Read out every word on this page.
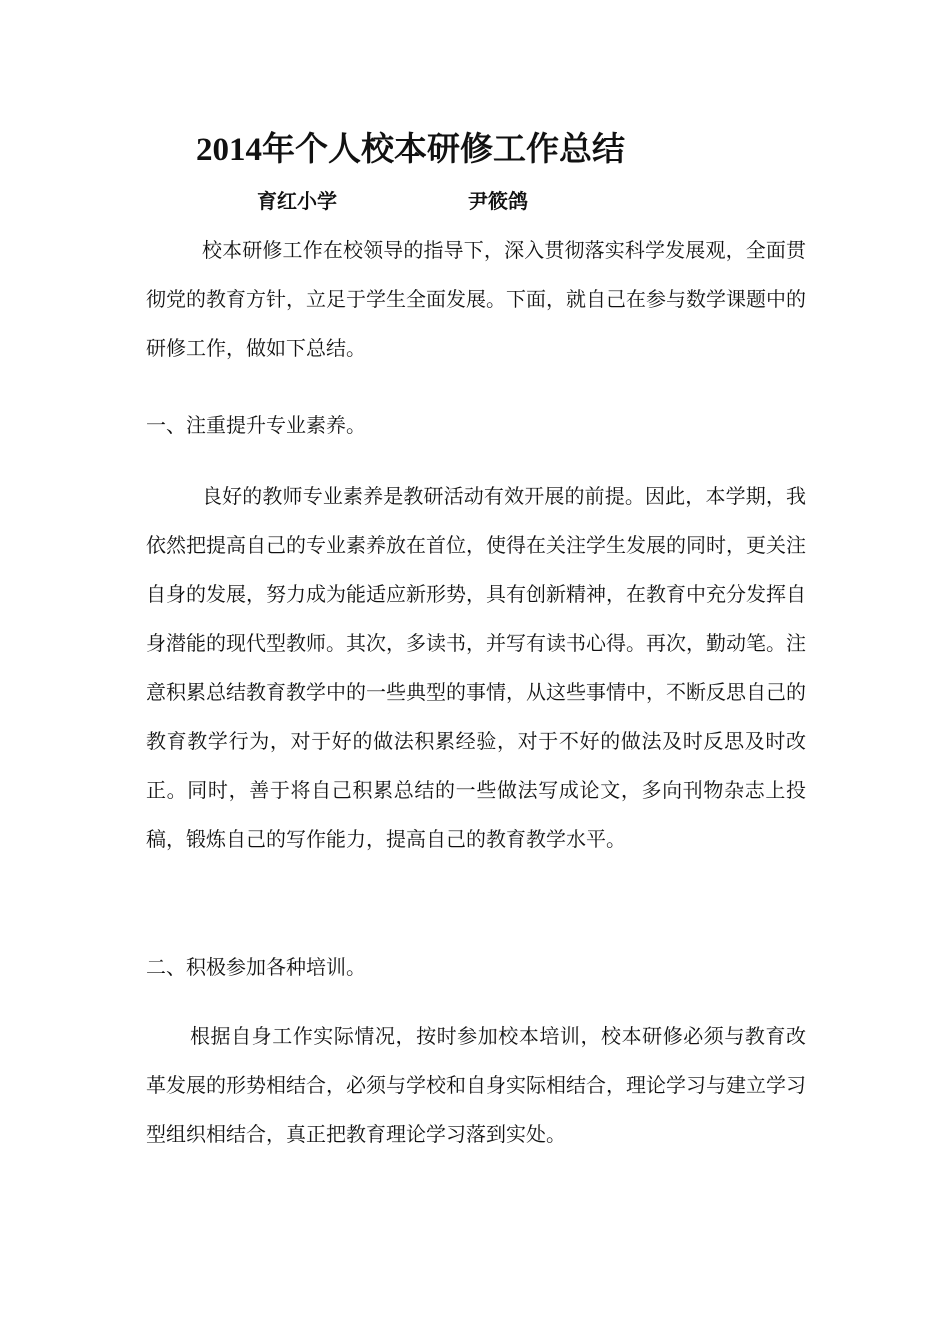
2014年个人校本研修工作总结
育红小学	尹筱鸽

校本研修工作在校领导的指导下，深入贯彻落实科学发展观，全面贯彻党的教育方针，立足于学生全面发展。下面，就自己在参与数学课题中的研修工作，做如下总结。

一、注重提升专业素养。

良好的教师专业素养是教研活动有效开展的前提。因此，本学期，我依然把提高自己的专业素养放在首位，使得在关注学生发展的同时，更关注自身的发展，努力成为能适应新形势，具有创新精神，在教育中充分发挥自身潜能的现代型教师。其次，多读书，并写有读书心得。再次，勤动笔。注意积累总结教育教学中的一些典型的事情，从这些事情中，不断反思自己的教育教学行为，对于好的做法积累经验，对于不好的做法及时反思及时改正。同时，善于将自己积累总结的一些做法写成论文，多向刊物杂志上投稿，锻炼自己的写作能力，提高自己的教育教学水平。

二、积极参加各种培训。

根据自身工作实际情况，按时参加校本培训，校本研修必须与教育改革发展的形势相结合，必须与学校和自身实际相结合，理论学习与建立学习型组织相结合，真正把教育理论学习落到实处。
